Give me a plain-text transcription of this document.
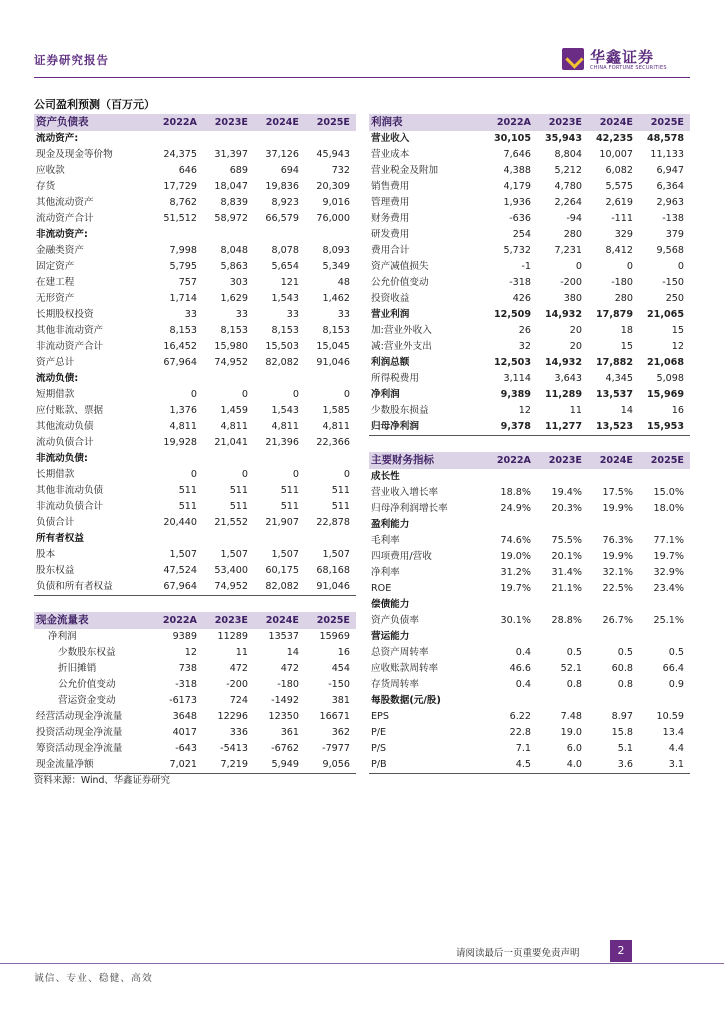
证券研究报告	华鑫证券
CHINA FORTUNE SECURITIES
公司盈利预测（百万元）
资产负债表	2022A	2023E	2024E	2025E
流动资产:				
现金及现金等价物	24,375	31,397	37,126	45,943
应收款	646	689	694	732
存货	17,729	18,047	19,836	20,309
其他流动资产	8,762	8,839	8,923	9,016
流动资产合计	51,512	58,972	66,579	76,000
非流动资产:				
金融类资产	7,998	8,048	8,078	8,093
固定资产	5,795	5,863	5,654	5,349
在建工程	757	303	121	48
无形资产	1,714	1,629	1,543	1,462
长期股权投资	33	33	33	33
其他非流动资产	8,153	8,153	8,153	8,153
非流动资产合计	16,452	15,980	15,503	15,045
资产总计	67,964	74,952	82,082	91,046
流动负债:				
短期借款	0	0	0	0
应付账款、票据	1,376	1,459	1,543	1,585
其他流动负债	4,811	4,811	4,811	4,811
流动负债合计	19,928	21,041	21,396	22,366
非流动负债:				
长期借款	0	0	0	0
其他非流动负债	511	511	511	511
非流动负债合计	511	511	511	511
负债合计	20,440	21,552	21,907	22,878
所有者权益				
股本	1,507	1,507	1,507	1,507
股东权益	47,524	53,400	60,175	68,168
负债和所有者权益	67,964	74,952	82,082	91,046
利润表	2022A	2023E	2024E	2025E
营业收入	30,105	35,943	42,235	48,578
营业成本	7,646	8,804	10,007	11,133
营业税金及附加	4,388	5,212	6,082	6,947
销售费用	4,179	4,780	5,575	6,364
管理费用	1,936	2,264	2,619	2,963
财务费用	-636	-94	-111	-138
研发费用	254	280	329	379
费用合计	5,732	7,231	8,412	9,568
资产减值损失	-1	0	0	0
公允价值变动	-318	-200	-180	-150
投资收益	426	380	280	250
营业利润	12,509	14,932	17,879	21,065
加:营业外收入	26	20	18	15
减:营业外支出	32	20	15	12
利润总额	12,503	14,932	17,882	21,068
所得税费用	3,114	3,643	4,345	5,098
净利润	9,389	11,289	13,537	15,969
少数股东损益	12	11	14	16
归母净利润	9,378	11,277	13,523	15,953
主要财务指标	2022A	2023E	2024E	2025E
成长性				
营业收入增长率	18.8%	19.4%	17.5%	15.0%
归母净利润增长率	24.9%	20.3%	19.9%	18.0%
盈利能力				
毛利率	74.6%	75.5%	76.3%	77.1%
四项费用/营收	19.0%	20.1%	19.9%	19.7%
净利率	31.2%	31.4%	32.1%	32.9%
ROE	19.7%	21.1%	22.5%	23.4%
偿债能力				
资产负债率	30.1%	28.8%	26.7%	25.1%
营运能力				
总资产周转率	0.4	0.5	0.5	0.5
应收账款周转率	46.6	52.1	60.8	66.4
存货周转率	0.4	0.8	0.8	0.9
每股数据(元/股)				
EPS	6.22	7.48	8.97	10.59
P/E	22.8	19.0	15.8	13.4
P/S	7.1	6.0	5.1	4.4
P/B	4.5	4.0	3.6	3.1
现金流量表	2022A	2023E	2024E	2025E
净利润	9389	11289	13537	15969
少数股东权益	12	11	14	16
折旧摊销	738	472	472	454
公允价值变动	-318	-200	-180	-150
营运资金变动	-6173	724	-1492	381
经营活动现金净流量	3648	12296	12350	16671
投资活动现金净流量	4017	336	361	362
筹资活动现金净流量	-643	-5413	-6762	-7977
现金流量净额	7,021	7,219	5,949	9,056
资料来源：Wind、华鑫证券研究
请阅读最后一页重要免责声明	2
诚信、专业、稳健、高效
